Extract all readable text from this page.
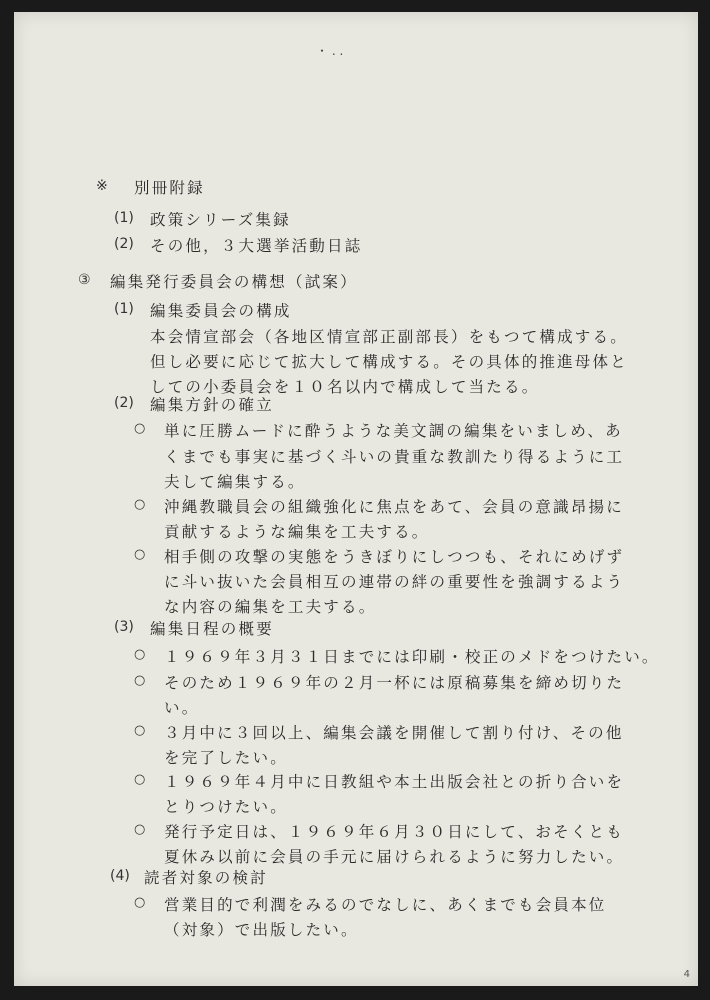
・ . .
※ 別冊附録
(1) 政策シリーズ集録
(2) その他，３大選挙活動日誌
③ 編集発行委員会の構想（試案）
(1) 編集委員会の構成
本会情宣部会（各地区情宣部正副部長）をもつて構成する。
但し必要に応じて拡大して構成する。その具体的推進母体と
しての小委員会を１０名以内で構成して当たる。
(2) 編集方針の確立
○ 単に圧勝ムードに酔うような美文調の編集をいましめ、あ
くまでも事実に基づく斗いの貴重な教訓たり得るように工
夫して編集する。
○ 沖縄教職員会の組織強化に焦点をあて、会員の意識昂揚に
貢献するような編集を工夫する。
○ 相手側の攻撃の実態をうきぼりにしつつも、それにめげず
に斗い抜いた会員相互の連帯の絆の重要性を強調するよう
な内容の編集を工夫する。
(3) 編集日程の概要
○ １９６９年３月３１日までには印刷・校正のメドをつけたい。
○ そのため１９６９年の２月一杯には原稿募集を締め切りた
い。
○ ３月中に３回以上、編集会議を開催して割り付け、その他
を完了したい。
○ １９６９年４月中に日教組や本土出版会社との折り合いを
とりつけたい。
○ 発行予定日は、１９６９年６月３０日にして、おそくとも
夏休み以前に会員の手元に届けられるように努力したい。
(4) 読者対象の検討
○ 営業目的で利潤をみるのでなしに、あくまでも会員本位
（対象）で出版したい。
4
